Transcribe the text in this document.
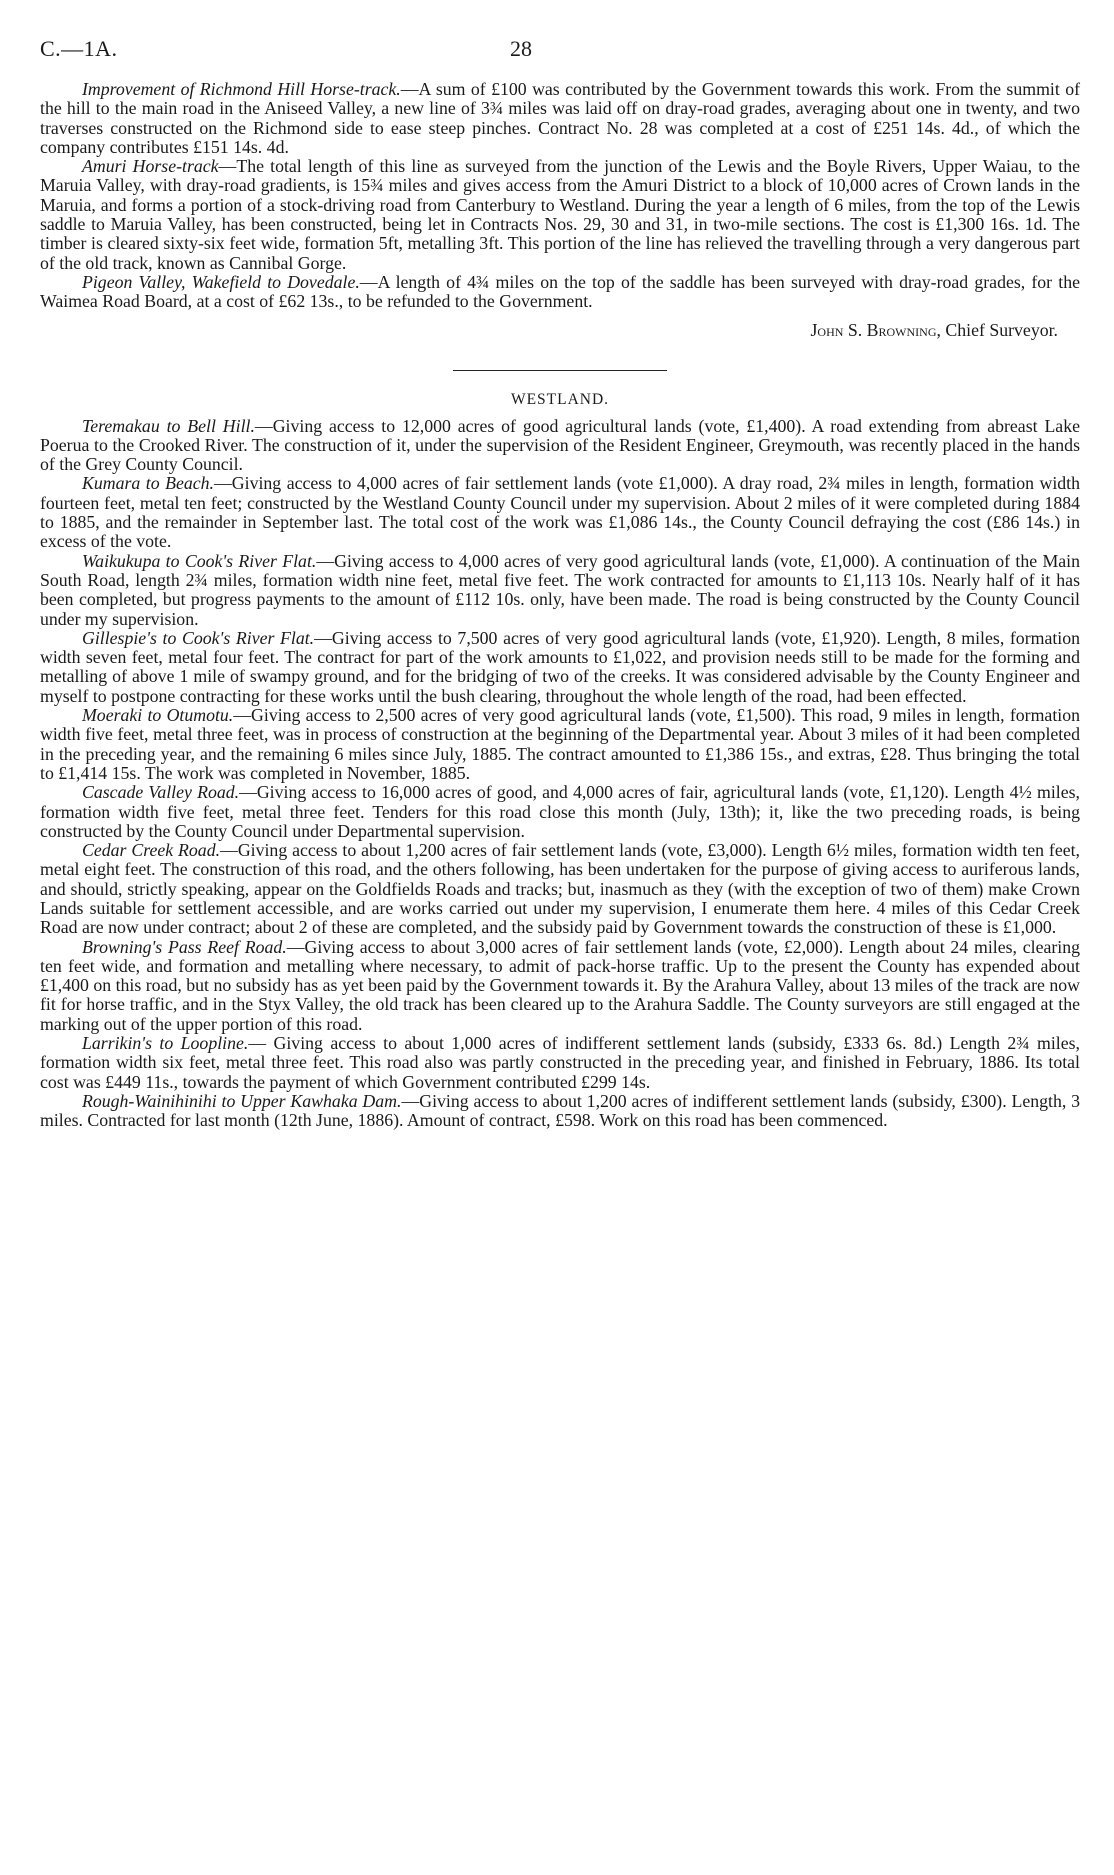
C.—1A.	28

Improvement of Richmond Hill Horse-track.—A sum of £100 was contributed by the Government towards this work. From the summit of the hill to the main road in the Aniseed Valley, a new line of 3¾ miles was laid off on dray-road grades, averaging about one in twenty, and two traverses constructed on the Richmond side to ease steep pinches. Contract No. 28 was completed at a cost of £251 14s. 4d., of which the company contributes £151 14s. 4d.

Amuri Horse-track—The total length of this line as surveyed from the junction of the Lewis and the Boyle Rivers, Upper Waiau, to the Maruia Valley, with dray-road gradients, is 15¾ miles and gives access from the Amuri District to a block of 10,000 acres of Crown lands in the Maruia, and forms a portion of a stock-driving road from Canterbury to Westland. During the year a length of 6 miles, from the top of the Lewis saddle to Maruia Valley, has been constructed, being let in Contracts Nos. 29, 30 and 31, in two-mile sections. The cost is £1,300 16s. 1d. The timber is cleared sixty-six feet wide, formation 5ft, metalling 3ft. This portion of the line has relieved the travelling through a very dangerous part of the old track, known as Cannibal Gorge.

Pigeon Valley, Wakefield to Dovedale.—A length of 4¾ miles on the top of the saddle has been surveyed with dray-road grades, for the Waimea Road Board, at a cost of £62 13s., to be refunded to the Government.

John S. Browning, Chief Surveyor.

WESTLAND.

Teremakau to Bell Hill.—Giving access to 12,000 acres of good agricultural lands (vote, £1,400). A road extending from abreast Lake Poerua to the Crooked River. The construction of it, under the supervision of the Resident Engineer, Greymouth, was recently placed in the hands of the Grey County Council.

Kumara to Beach.—Giving access to 4,000 acres of fair settlement lands (vote £1,000). A dray road, 2¾ miles in length, formation width fourteen feet, metal ten feet; constructed by the Westland County Council under my supervision. About 2 miles of it were completed during 1884 to 1885, and the remainder in September last. The total cost of the work was £1,086 14s., the County Council defraying the cost (£86 14s.) in excess of the vote.

Waikukupa to Cook's River Flat.—Giving access to 4,000 acres of very good agricultural lands (vote, £1,000). A continuation of the Main South Road, length 2¾ miles, formation width nine feet, metal five feet. The work contracted for amounts to £1,113 10s. Nearly half of it has been completed, but progress payments to the amount of £112 10s. only, have been made. The road is being constructed by the County Council under my supervision.

Gillespie's to Cook's River Flat.—Giving access to 7,500 acres of very good agricultural lands (vote, £1,920). Length, 8 miles, formation width seven feet, metal four feet. The contract for part of the work amounts to £1,022, and provision needs still to be made for the forming and metalling of above 1 mile of swampy ground, and for the bridging of two of the creeks. It was considered advisable by the County Engineer and myself to postpone contracting for these works until the bush clearing, throughout the whole length of the road, had been effected.

Moeraki to Otumotu.—Giving access to 2,500 acres of very good agricultural lands (vote, £1,500). This road, 9 miles in length, formation width five feet, metal three feet, was in process of construction at the beginning of the Departmental year. About 3 miles of it had been completed in the preceding year, and the remaining 6 miles since July, 1885. The contract amounted to £1,386 15s., and extras, £28. Thus bringing the total to £1,414 15s. The work was completed in November, 1885.

Cascade Valley Road.—Giving access to 16,000 acres of good, and 4,000 acres of fair, agricultural lands (vote, £1,120). Length 4½ miles, formation width five feet, metal three feet. Tenders for this road close this month (July, 13th); it, like the two preceding roads, is being constructed by the County Council under Departmental supervision.

Cedar Creek Road.—Giving access to about 1,200 acres of fair settlement lands (vote, £3,000). Length 6½ miles, formation width ten feet, metal eight feet. The construction of this road, and the others following, has been undertaken for the purpose of giving access to auriferous lands, and should, strictly speaking, appear on the Goldfields Roads and tracks; but, inasmuch as they (with the exception of two of them) make Crown Lands suitable for settlement accessible, and are works carried out under my supervision, I enumerate them here. 4 miles of this Cedar Creek Road are now under contract; about 2 of these are completed, and the subsidy paid by Government towards the construction of these is £1,000.

Browning's Pass Reef Road.—Giving access to about 3,000 acres of fair settlement lands (vote, £2,000). Length about 24 miles, clearing ten feet wide, and formation and metalling where necessary, to admit of pack-horse traffic. Up to the present the County has expended about £1,400 on this road, but no subsidy has as yet been paid by the Government towards it. By the Arahura Valley, about 13 miles of the track are now fit for horse traffic, and in the Styx Valley, the old track has been cleared up to the Arahura Saddle. The County surveyors are still engaged at the marking out of the upper portion of this road.

Larrikin's to Loopline.— Giving access to about 1,000 acres of indifferent settlement lands (subsidy, £333 6s. 8d.) Length 2¾ miles, formation width six feet, metal three feet. This road also was partly constructed in the preceding year, and finished in February, 1886. Its total cost was £449 11s., towards the payment of which Government contributed £299 14s.

Rough-Wainihinihi to Upper Kawhaka Dam.—Giving access to about 1,200 acres of indifferent settlement lands (subsidy, £300). Length, 3 miles. Contracted for last month (12th June, 1886). Amount of contract, £598. Work on this road has been commenced.
